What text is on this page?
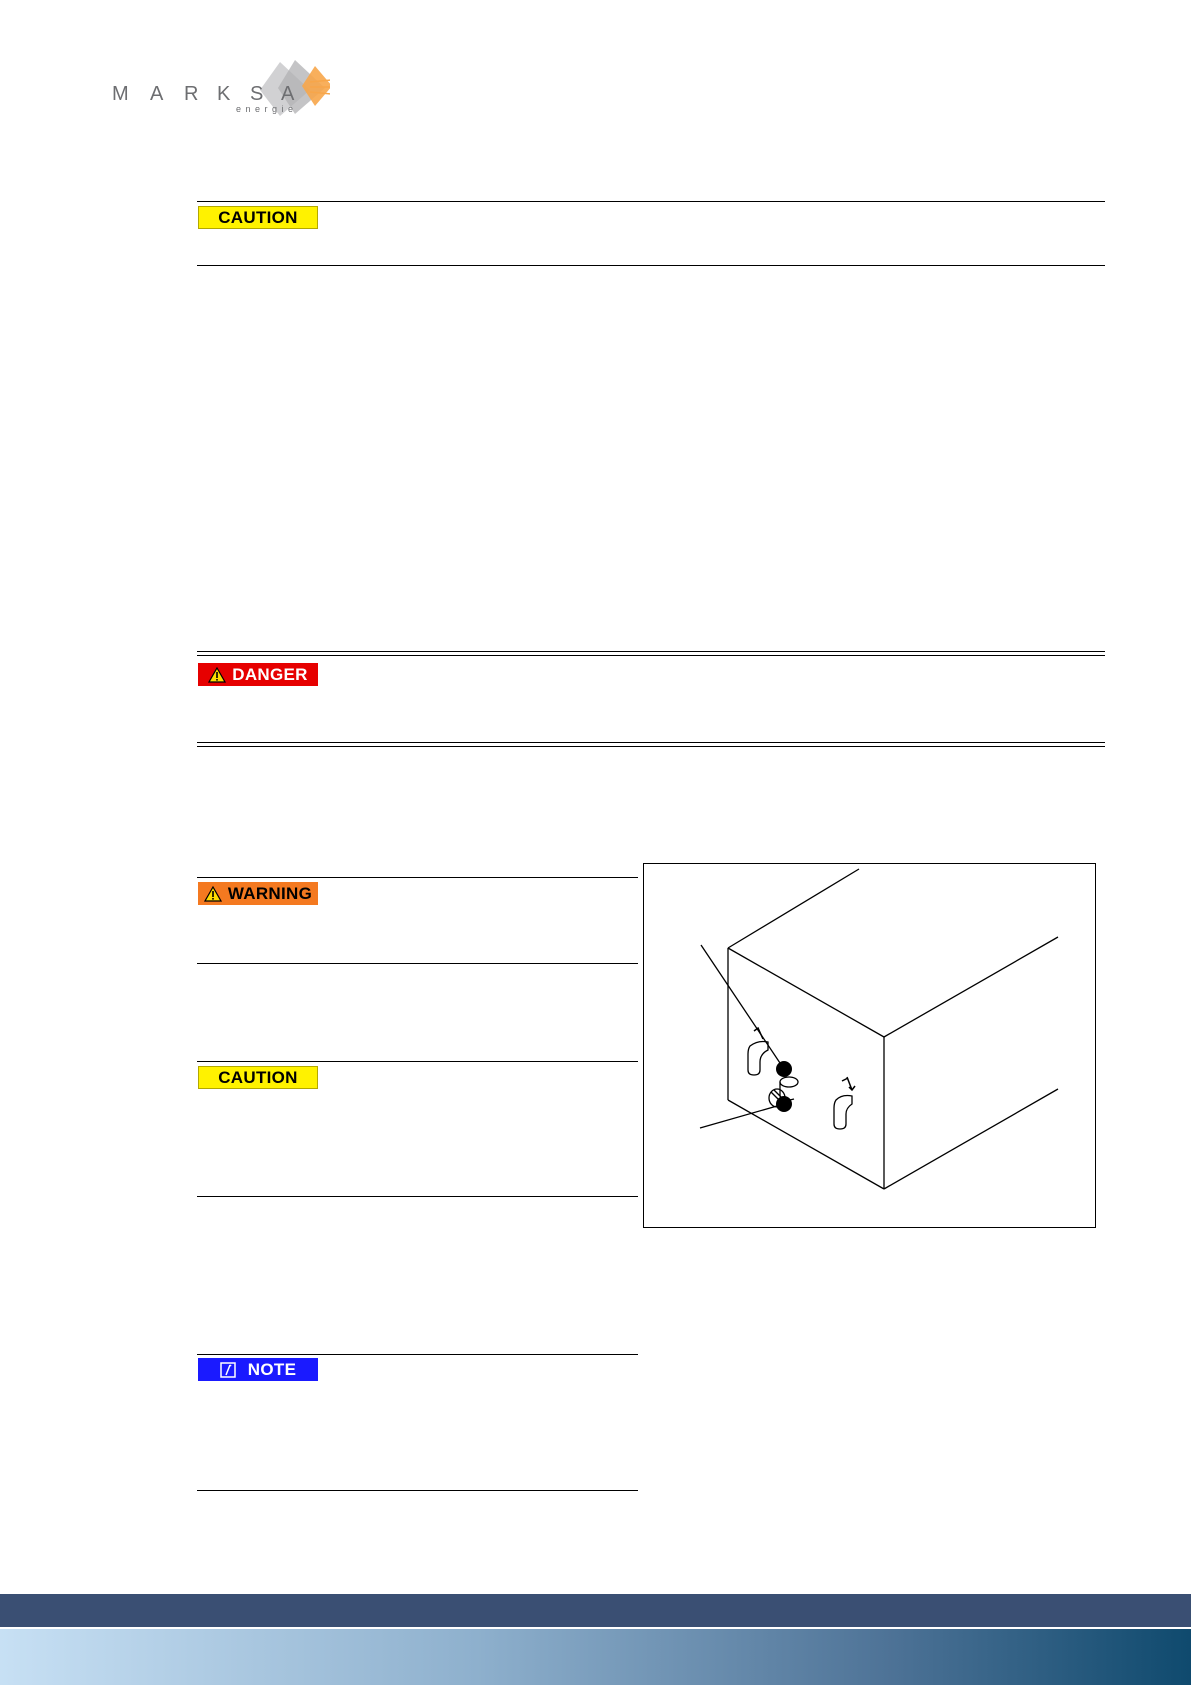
M A R K S A
energie
CAUTION
DANGER
WARNING
CAUTION
NOTE
